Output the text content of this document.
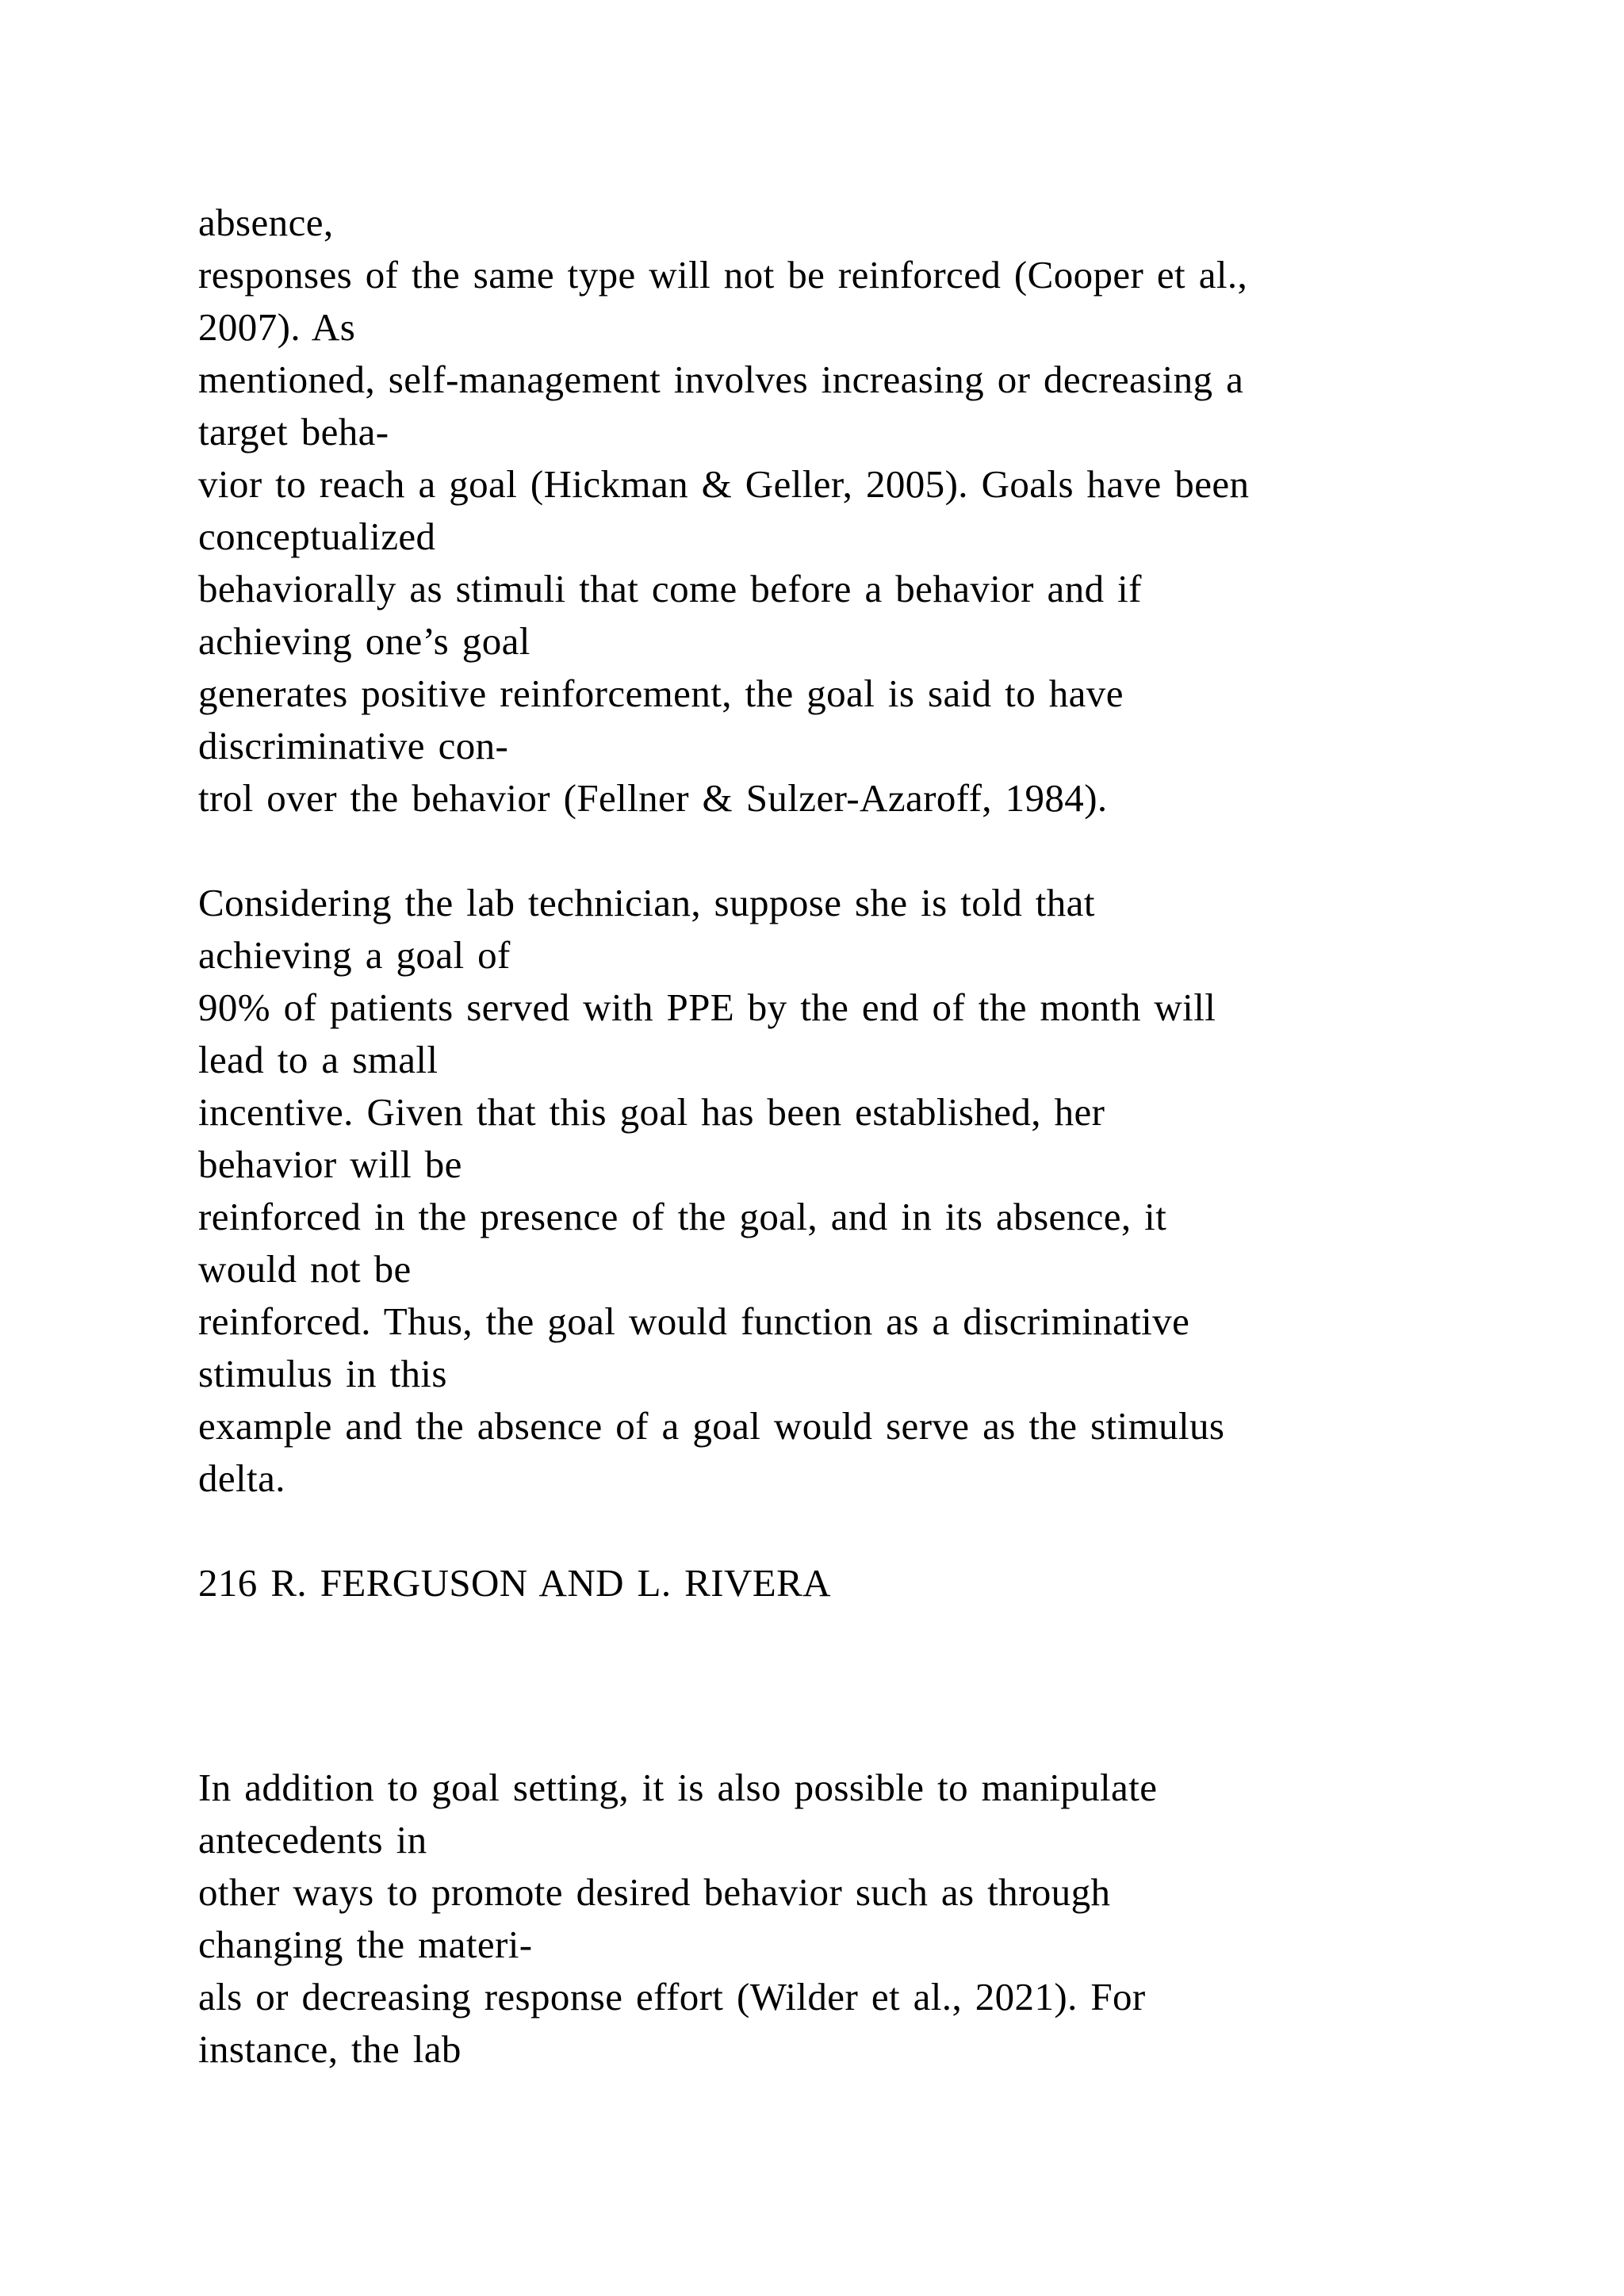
absence,

responses of the same type will not be reinforced (Cooper et al.,

2007). As

mentioned, self-management involves increasing or decreasing a

target beha-

vior to reach a goal (Hickman & Geller, 2005). Goals have been

conceptualized

behaviorally as stimuli that come before a behavior and if

achieving one’s goal

generates positive reinforcement, the goal is said to have

discriminative con-

trol over the behavior (Fellner & Sulzer-Azaroff, 1984).

Considering the lab technician, suppose she is told that

achieving a goal of

90% of patients served with PPE by the end of the month will

lead to a small

incentive. Given that this goal has been established, her

behavior will be

reinforced in the presence of the goal, and in its absence, it

would not be

reinforced. Thus, the goal would function as a discriminative

stimulus in this

example and the absence of a goal would serve as the stimulus

delta.

216 R. FERGUSON AND L. RIVERA

In addition to goal setting, it is also possible to manipulate

antecedents in

other ways to promote desired behavior such as through

changing the materi-

als or decreasing response effort (Wilder et al., 2021). For

instance, the lab
